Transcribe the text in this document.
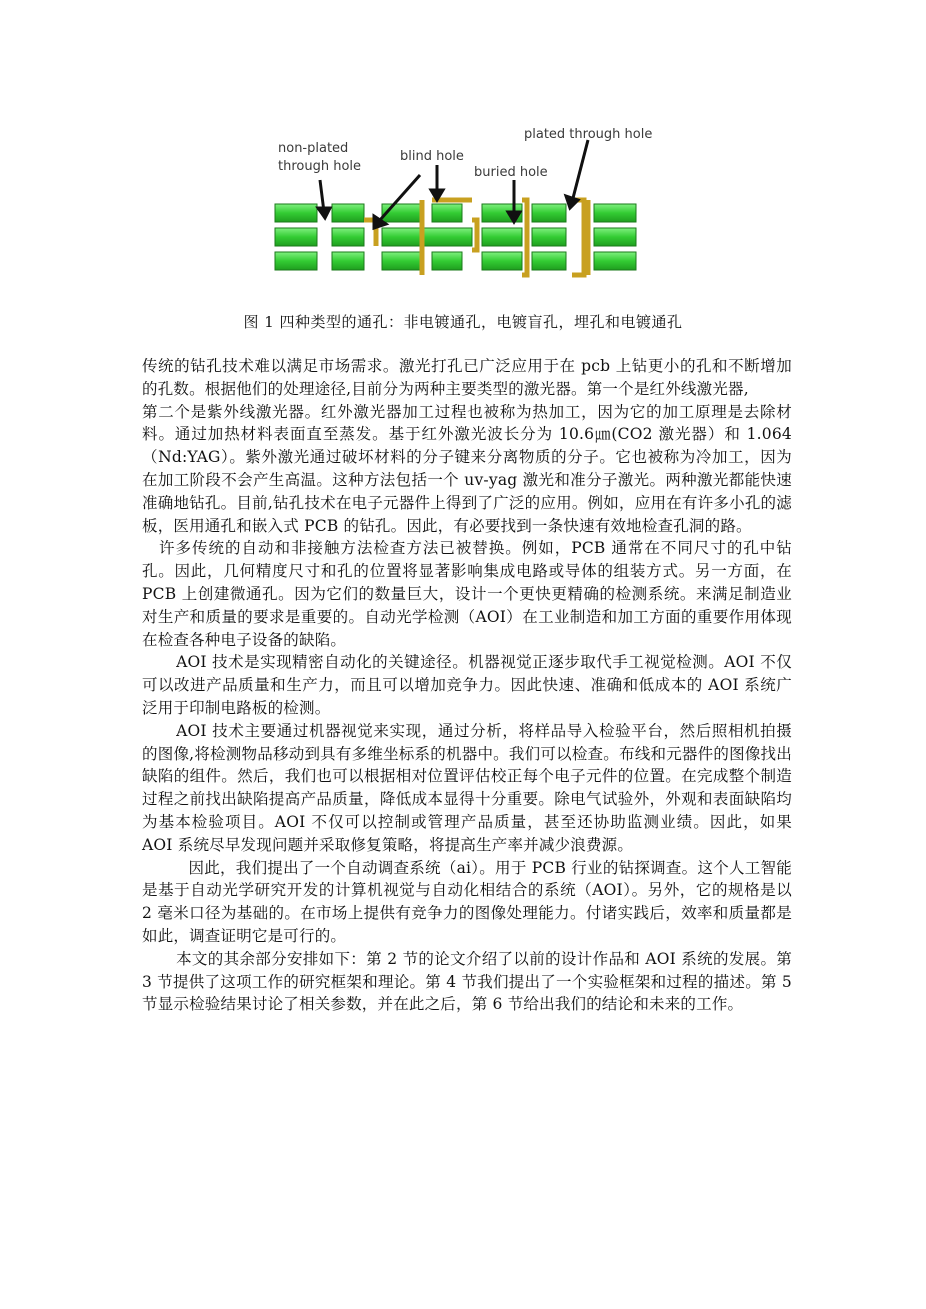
non-plated
through hole
blind hole
buried hole
plated through hole
图 1 四种类型的通孔：非电镀通孔，电镀盲孔，埋孔和电镀通孔

传统的钻孔技术难以满足市场需求。激光打孔已广泛应用于在 pcb 上钻更小的孔和不断增加的孔数。根据他们的处理途径,目前分为两种主要类型的激光器。第一个是红外线激光器,

第二个是紫外线激光器。红外激光器加工过程也被称为热加工，因为它的加工原理是去除材料。通过加热材料表面直至蒸发。基于红外激光波长分为 10.6㎛(CO2 激光器）和 1.064（Nd:YAG）。紫外激光通过破坏材料的分子键来分离物质的分子。它也被称为冷加工，因为在加工阶段不会产生高温。这种方法包括一个 uv-yag 激光和准分子激光。两种激光都能快速准确地钻孔。目前,钻孔技术在电子元器件上得到了广泛的应用。例如，应用在有许多小孔的滤板，医用通孔和嵌入式 PCB 的钻孔。因此，有必要找到一条快速有效地检查孔洞的路。

许多传统的自动和非接触方法检查方法已被替换。例如，PCB 通常在不同尺寸的孔中钻孔。因此，几何精度尺寸和孔的位置将显著影响集成电路或导体的组装方式。另一方面，在 PCB 上创建微通孔。因为它们的数量巨大，设计一个更快更精确的检测系统。来满足制造业对生产和质量的要求是重要的。自动光学检测（AOI）在工业制造和加工方面的重要作用体现在检查各种电子设备的缺陷。

AOI 技术是实现精密自动化的关键途径。机器视觉正逐步取代手工视觉检测。AOI 不仅可以改进产品质量和生产力，而且可以增加竞争力。因此快速、准确和低成本的 AOI 系统广泛用于印制电路板的检测。

AOI 技术主要通过机器视觉来实现，通过分析，将样品导入检验平台，然后照相机拍摄的图像,将检测物品移动到具有多维坐标系的机器中。我们可以检查。布线和元器件的图像找出缺陷的组件。然后，我们也可以根据相对位置评估校正每个电子元件的位置。在完成整个制造过程之前找出缺陷提高产品质量，降低成本显得十分重要。除电气试验外，外观和表面缺陷均为基本检验项目。AOI 不仅可以控制或管理产品质量，甚至还协助监测业绩。因此，如果 AOI 系统尽早发现问题并采取修复策略，将提高生产率并减少浪费源。

因此，我们提出了一个自动调查系统（ai）。用于 PCB 行业的钻探调查。这个人工智能是基于自动光学研究开发的计算机视觉与自动化相结合的系统（AOI）。另外，它的规格是以 2 毫米口径为基础的。在市场上提供有竞争力的图像处理能力。付诸实践后，效率和质量都是如此，调查证明它是可行的。

本文的其余部分安排如下：第 2 节的论文介绍了以前的设计作品和 AOI 系统的发展。第 3 节提供了这项工作的研究框架和理论。第 4 节我们提出了一个实验框架和过程的描述。第 5 节显示检验结果讨论了相关参数，并在此之后，第 6 节给出我们的结论和未来的工作。
